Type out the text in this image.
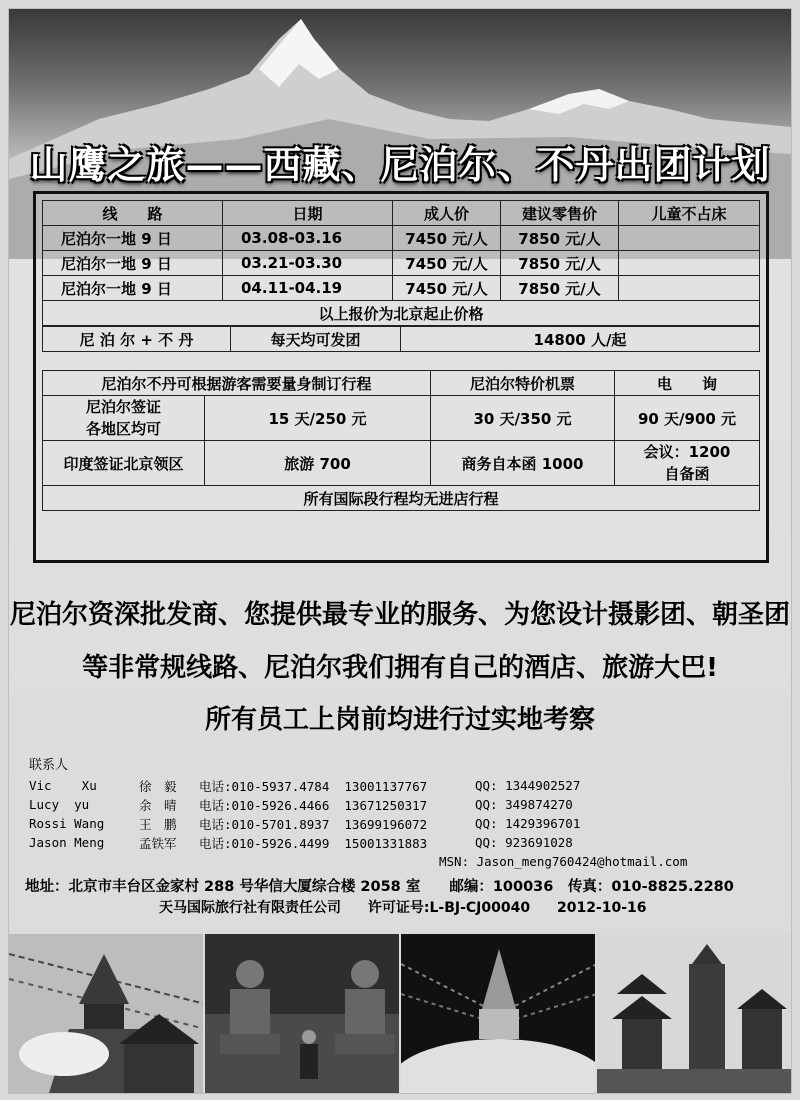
山鹰之旅——西藏、尼泊尔、不丹出团计划
线　　路	日期	成人价	建议零售价	儿童不占床
尼泊尔一地 9 日	03.08-03.16	7450 元/人	7850 元/人	
尼泊尔一地 9 日	03.21-03.30	7450 元/人	7850 元/人	
尼泊尔一地 9 日	04.11-04.19	7450 元/人	7850 元/人	
以上报价为北京起止价格				
尼 泊 尔 + 不 丹	每天均可发团	14800 人/起
尼泊尔不丹可根据游客需要量身制订行程		尼泊尔特价机票	电　　询
尼泊尔签证
各地区均可	15 天/250 元	30 天/350 元	90 天/900 元
印度签证北京领区	旅游 700	商务自本函 1000	会议：1200
自备函
所有国际段行程均无进店行程			
尼泊尔资深批发商、您提供最专业的服务、为您设计摄影团、朝圣团
等非常规线路、尼泊尔我们拥有自己的酒店、旅游大巴!
所有员工上岗前均进行过实地考察
联系人
Vic    Xu	徐　毅	电话:010-5937.4784  13001137767	QQ: 1344902527
Lucy  yu	余　晴	电话:010-5926.4466  13671250317	QQ: 349874270
Rossi Wang	王　鹏	电话:010-5701.8937  13699196072	QQ: 1429396701
Jason Meng	孟铁军	电话:010-5926.4499  15001331883	QQ: 923691028
MSN: Jason_meng760424@hotmail.com
地址：北京市丰台区金家村 288 号华信大厦综合楼 2058 室　　邮编：100036　传真：010-8825.2280
天马国际旅行社有限责任公司 许可证号:L-BJ-CJ00040 2012-10-16
